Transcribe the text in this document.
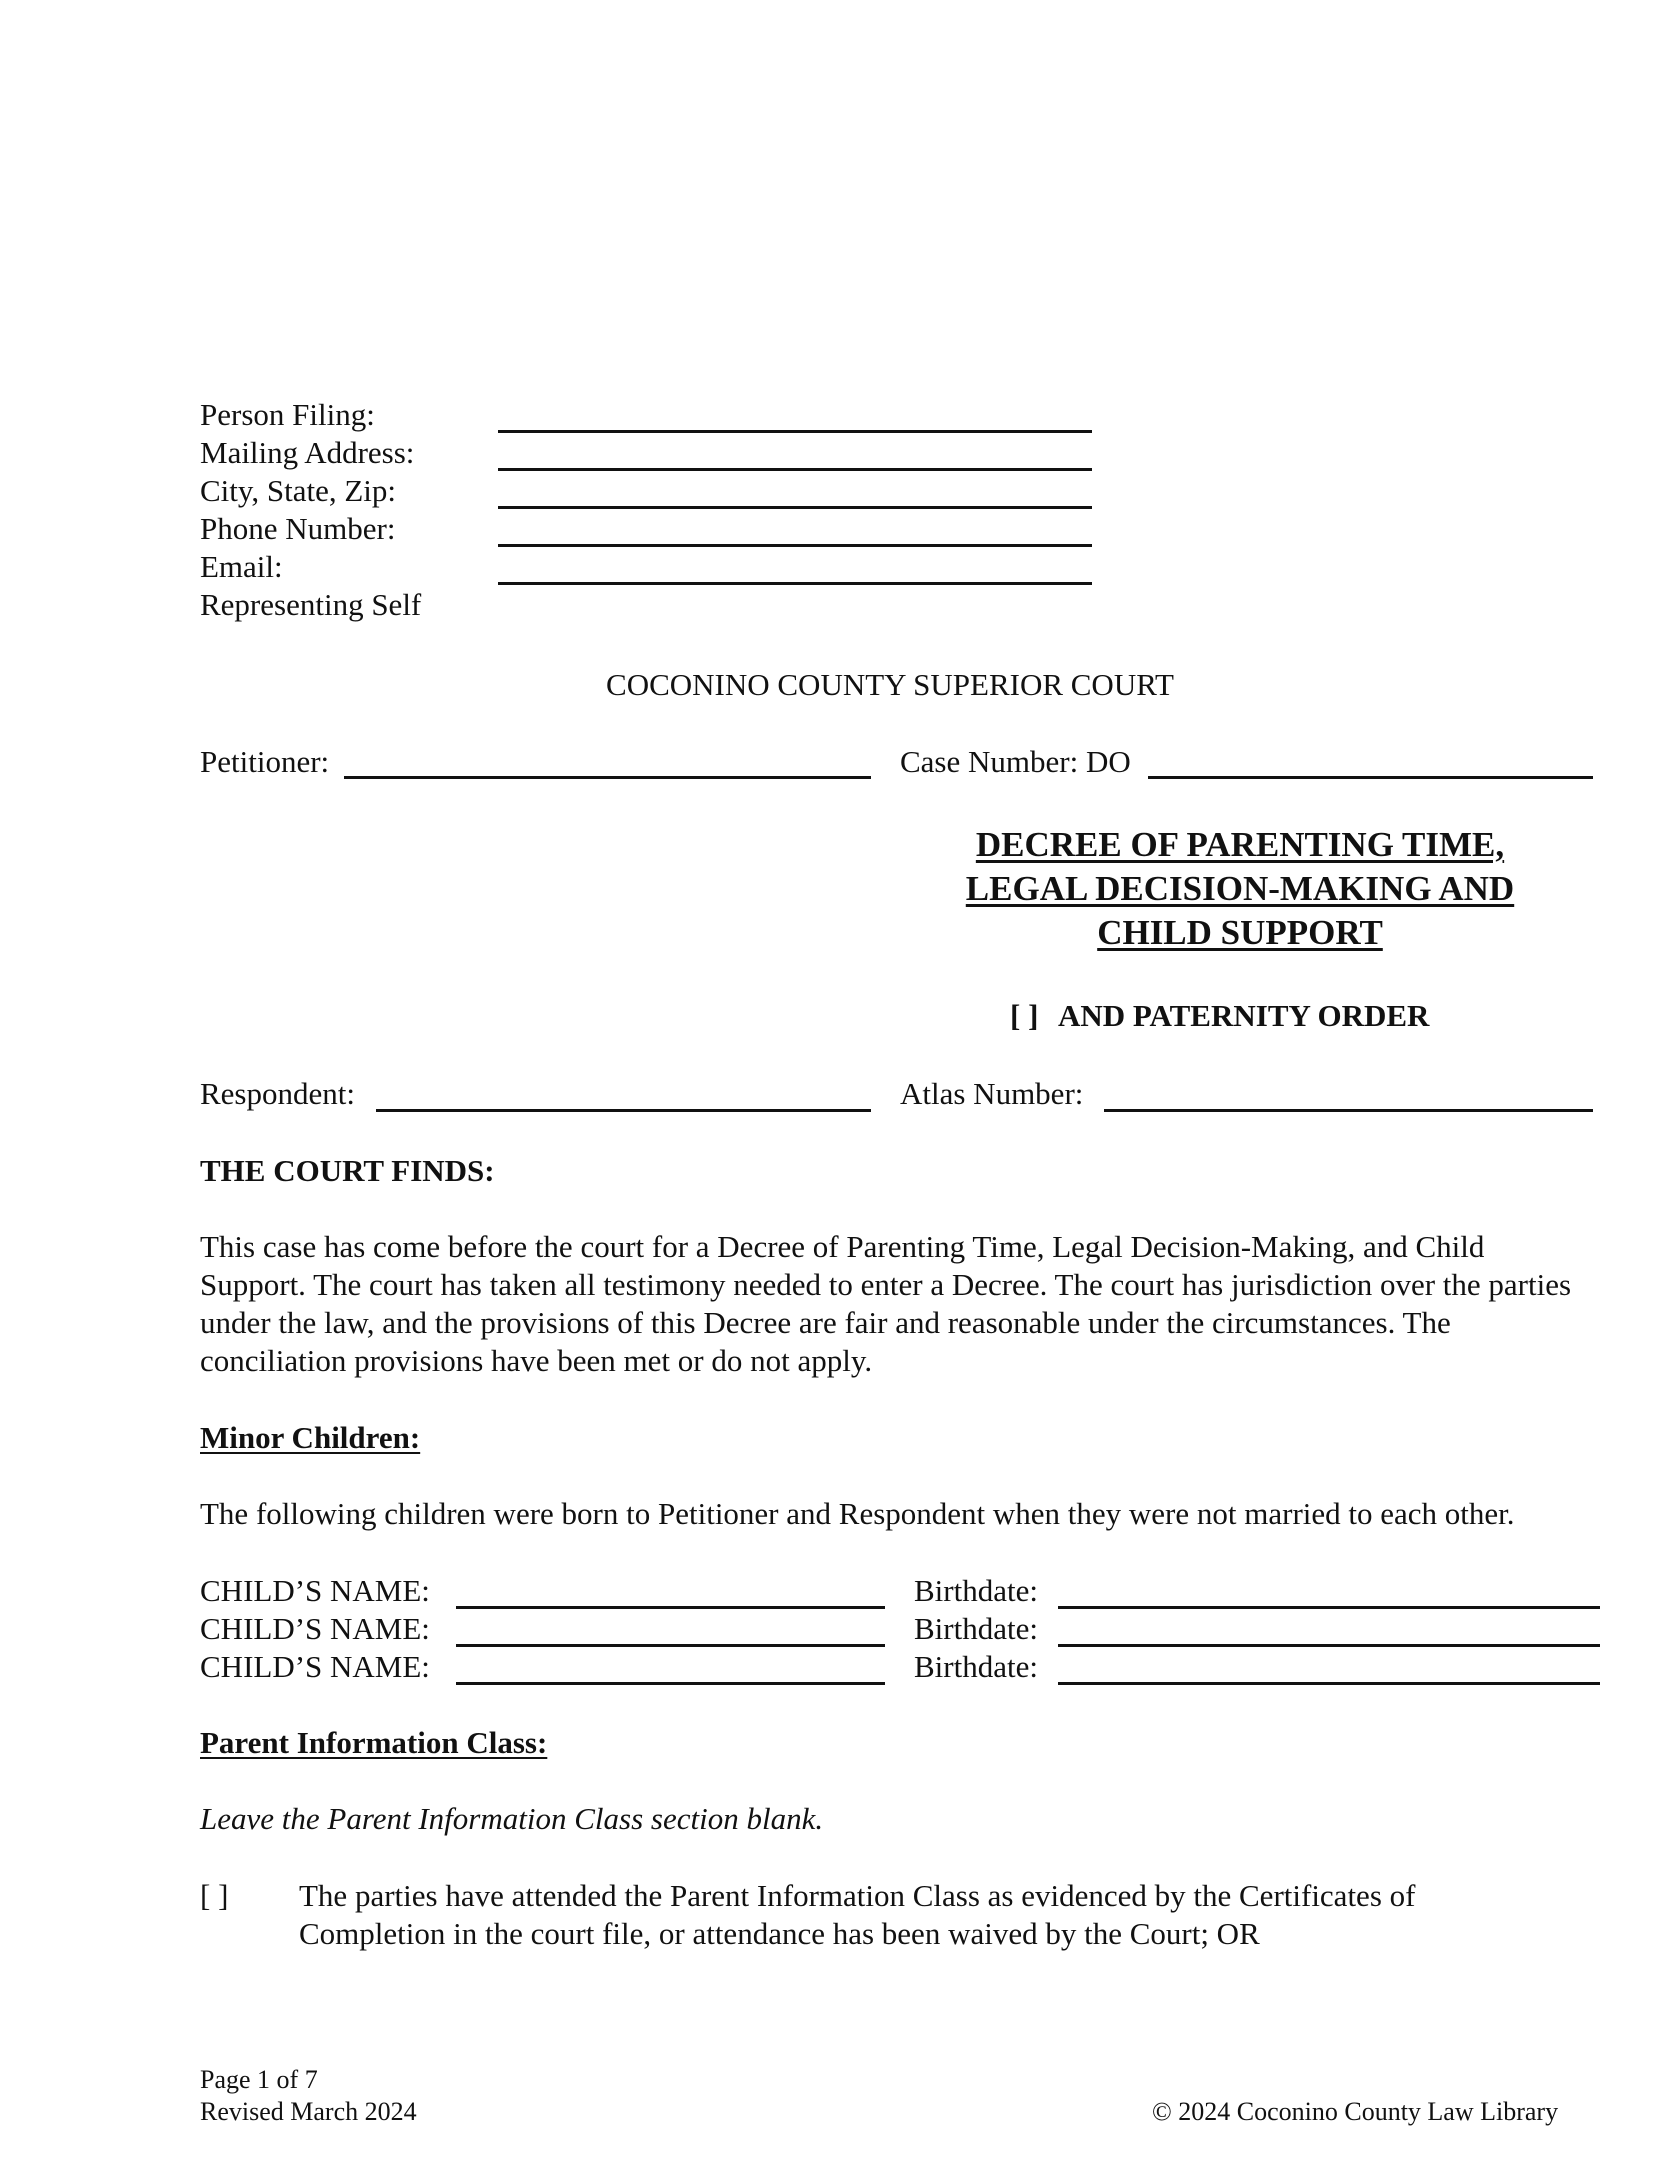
Person Filing:
Mailing Address:
City, State, Zip:
Phone Number:
Email:
Representing Self
COCONINO COUNTY SUPERIOR COURT
Petitioner:	Case Number: DO
DECREE OF PARENTING TIME,
LEGAL DECISION-MAKING AND
CHILD SUPPORT
[ ] AND PATERNITY ORDER
Respondent:	Atlas Number:
THE COURT FINDS:
This case has come before the court for a Decree of Parenting Time, Legal Decision-Making, and Child Support. The court has taken all testimony needed to enter a Decree. The court has jurisdiction over the parties under the law, and the provisions of this Decree are fair and reasonable under the circumstances. The conciliation provisions have been met or do not apply.
Minor Children:
The following children were born to Petitioner and Respondent when they were not married to each other.
CHILD’S NAME:	Birthdate:
CHILD’S NAME:	Birthdate:
CHILD’S NAME:	Birthdate:
Parent Information Class:
Leave the Parent Information Class section blank.
[ ] The parties have attended the Parent Information Class as evidenced by the Certificates of Completion in the court file, or attendance has been waived by the Court; OR
Page 1 of 7
Revised March 2024	© 2024 Coconino County Law Library
